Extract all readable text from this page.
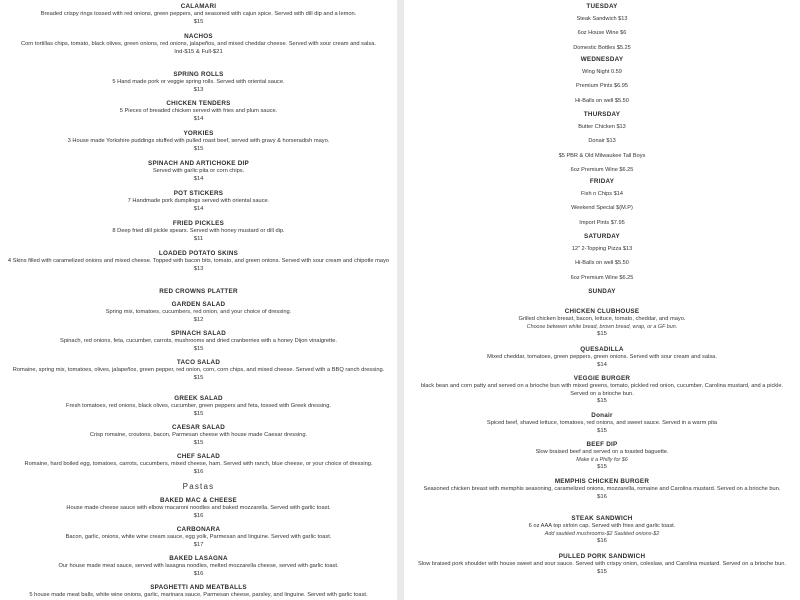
CALAMARI
Breaded crispy rings tossed with red onions, green peppers, and seasoned with cajun spice. Served with dill dip and a lemon.
$15
NACHOS
Corn tortillas chips, tomato, black olives, green onions, red onions, jalapeños, and mixed cheddar cheese. Served with sour cream and salsa.
Ind-$15 & Full-$21
SPRING ROLLS
5 Hand made pork or veggie spring rolls. Served with oriental sauce.
$13
CHICKEN TENDERS
5 Pieces of breaded chicken served with fries and plum sauce.
$14
YORKIES
3 House made Yorkshire puddings stuffed with pulled roast beef, served with gravy & horseradish mayo.
$15
SPINACH AND ARTICHOKE DIP
Served with garlic pita or corn chips.
$14
POT STICKERS
7 Handmade pork dumplings served with oriental sauce.
$14
FRIED PICKLES
8 Deep fried dill pickle spears. Served with honey mustard or dill dip.
$11
LOADED POTATO SKINS
4 Skins filled with caramelized onions and mixed cheese. Topped with bacon bits, tomato, and green onions. Served with sour cream and chipotle mayo
$13
RED CROWNS PLATTER
GARDEN SALAD
Spring mix, tomatoes, cucumbers, red onion, and your choice of dressing.
$12
SPINACH SALAD
Spinach, red onions, feta, cucumber, carrots, mushrooms and dried cranberries with a honey Dijon vinaigrette.
$15
TACO SALAD
Romaine, spring mix, tomatoes, olives, jalapeños, green pepper, red onion, corn, corn chips, and mixed cheese. Served with a BBQ ranch dressing.
$15
GREEK SALAD
Fresh tomatoes, red onions, black olives, cucumber, green peppers and feta, tossed with Greek dressing.
$15
CAESAR SALAD
Crisp romaine, croutons, bacon, Parmesan cheese with house made Caesar dressing.
$15
CHEF SALAD
Romaine, hard boiled egg, tomatoes, carrots, cucumbers, mixed cheese, ham. Served with ranch, blue cheese, or your choice of dressing.
$16
Pastas
BAKED MAC & CHEESE
House made cheese sauce with elbow macaroni noodles and baked mozzarella. Served with garlic toast.
$16
CARBONARA
Bacon, garlic, onions, white wine cream sauce, egg yolk, Parmesan and linguine. Served with garlic toast.
$17
BAKED LASAGNA
Our house made meat sauce, served with lasagna noodles, melted mozzarella cheese, served with garlic toast.
$16
SPAGHETTI AND MEATBALLS
5 house made meat balls, white wine onions, garlic, marinara sauce, Parmesan cheese, parsley, and linguine. Served with garlic toast.
TUESDAY
Steak Sandwich $13
6oz House Wine $6
Domestic Bottles $5.25
WEDNESDAY
Wing Night 0.59
Premium Pints $6.95
Hi-Balls on well $5.50
THURSDAY
Butter Chicken $13
Donair $13
$5 PBR & Old Milwaukee Tall Boys
6oz Premium Wine $6.25
FRIDAY
Fish n Chips $14
Weekend Special $(M.P)
Import Pints $7.95
SATURDAY
12" 2-Topping Pizza $13
Hi-Balls on well $5.50
6oz Premium Wine $6.25
SUNDAY
CHICKEN CLUBHOUSE
Grilled chicken breast, bacon, lettuce, tomato, cheddar, and mayo.
Choose between white bread, brown bread, wrap, or a GF bun.
$15
QUESADILLA
Mixed cheddar, tomatoes, green peppers, green onions. Served with sour cream and salsa.
$14
VEGGIE BURGER
black bean and corn patty and served on a brioche bun with mixed greens, tomato, pickled red onion, cucumber, Carolina mustard, and a pickle. Served on a brioche bun.
$15
Donair
Spiced beef, shaved lettuce, tomatoes, red onions, and sweet sauce. Served in a warm pita
$15
BEEF DIP
Slow braised beef and served on a toasted baguette.
Make it a Philly for $6
$15
MEMPHIS CHICKEN BURGER
Seasoned chicken breast with memphis seasoning, caramelized onions, mozzarella, romaine and Carolina mustard. Served on a brioche bun.
$16
STEAK SANDWICH
6 oz AAA top sirloin cap. Served with fries and garlic toast.
Add sautéed mushrooms-$2 Sautéed onions-$2
$16
PULLED PORK SANDWICH
Slow braised pork shoulder with house sweet and sour sauce. Served with crispy onion, coleslaw, and Carolina mustard. Served on a brioche bun.
$15
